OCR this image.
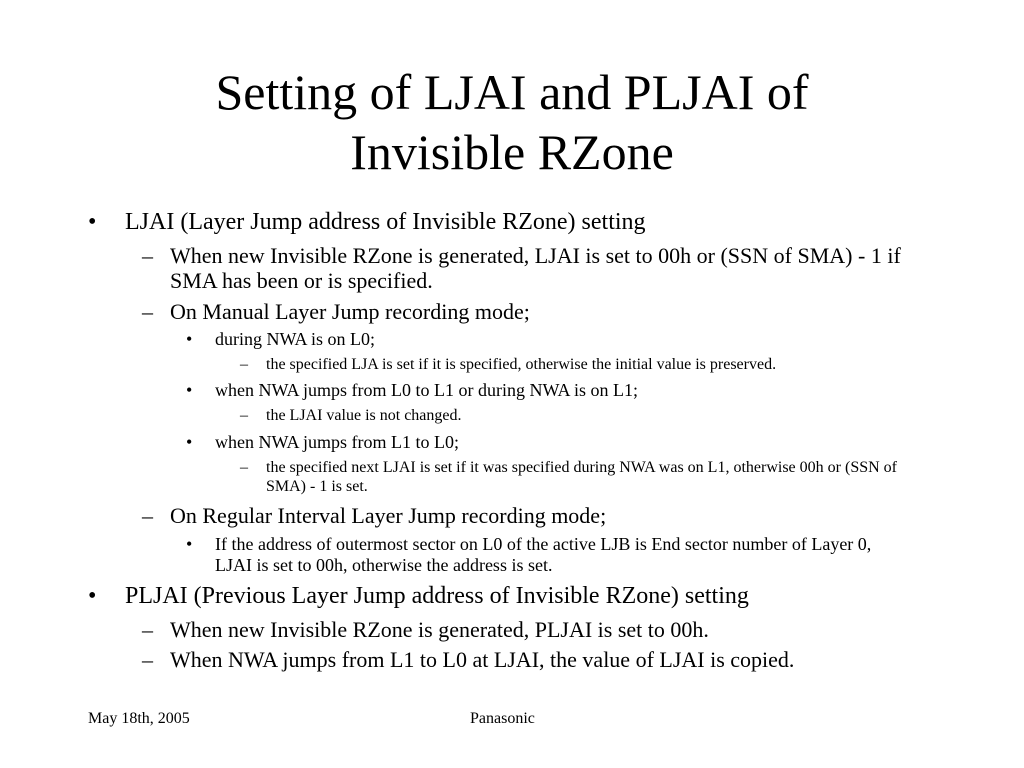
Setting of LJAI and PLJAI of
Invisible RZone
• LJAI (Layer Jump address of Invisible RZone) setting
– When new Invisible RZone is generated, LJAI is set to 00h or (SSN of SMA) - 1 if SMA has been or is specified.
– On Manual Layer Jump recording mode;
• during NWA is on L0;
– the specified LJA is set if it is specified, otherwise the initial value is preserved.
• when NWA jumps from L0 to L1 or during NWA is on L1;
– the LJAI value is not changed.
• when NWA jumps from L1 to L0;
– the specified next LJAI is set if it was specified during NWA was on L1, otherwise 00h or (SSN of SMA) - 1 is set.
– On Regular Interval Layer Jump recording mode;
• If the address of outermost sector on L0 of the active LJB is End sector number of Layer 0, LJAI is set to 00h, otherwise the address is set.
• PLJAI (Previous Layer Jump address of Invisible RZone) setting
– When new Invisible RZone is generated, PLJAI is set to 00h.
– When NWA jumps from L1 to L0 at LJAI, the value of LJAI is copied.
May 18th, 2005	Panasonic
